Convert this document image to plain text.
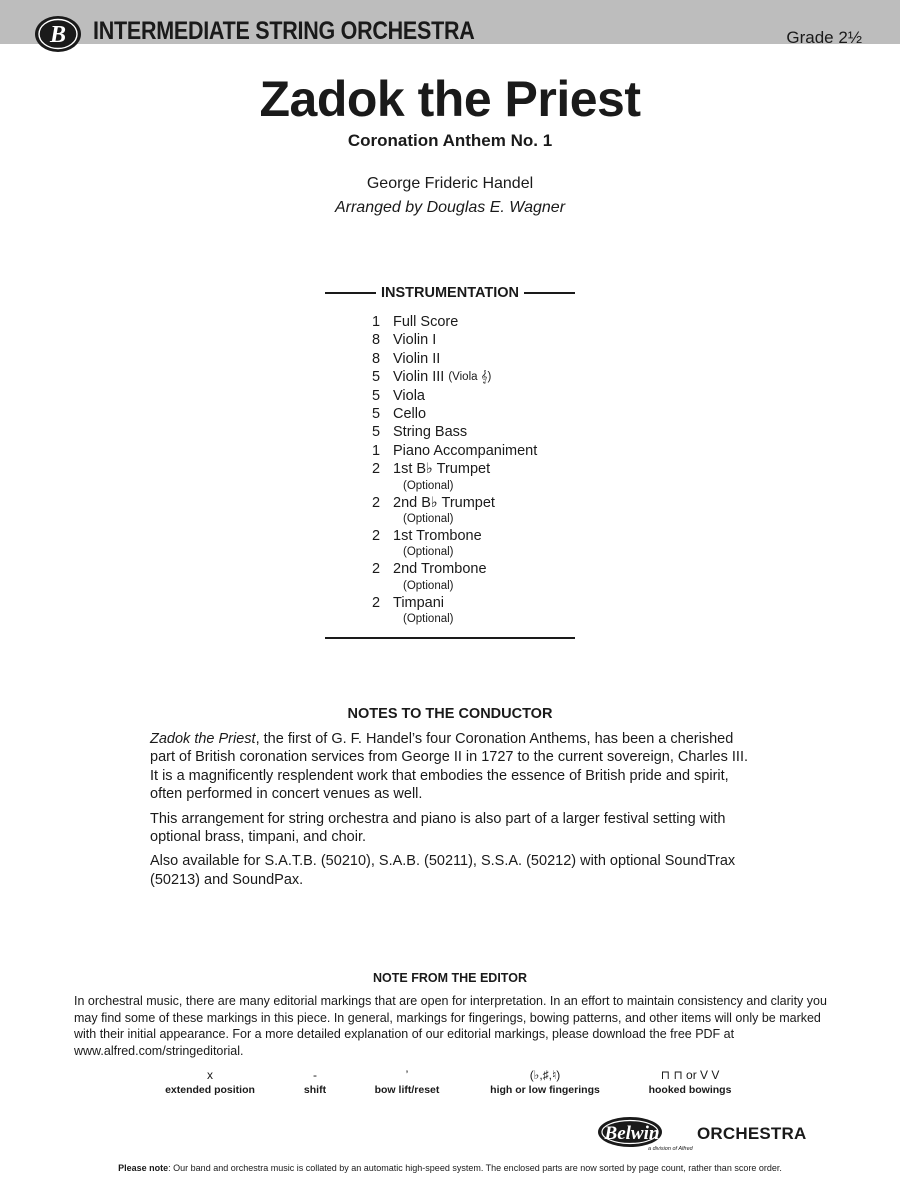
B INTERMEDIATE STRING ORCHESTRA	Grade 2½
Zadok the Priest
Coronation Anthem No. 1
George Frideric Handel
Arranged by Douglas E. Wagner
INSTRUMENTATION
1 Full Score
8 Violin I
8 Violin II
5 Violin III (Viola 𝄞)
5 Viola
5 Cello
5 String Bass
1 Piano Accompaniment
2 1st B♭ Trumpet
(Optional)
2 2nd B♭ Trumpet
(Optional)
2 1st Trombone
(Optional)
2 2nd Trombone
(Optional)
2 Timpani
(Optional)
NOTES TO THE CONDUCTOR

Zadok the Priest, the first of G. F. Handel’s four Coronation Anthems, has been a cherished part of British coronation services from George II in 1727 to the current sovereign, Charles III. It is a magnificently resplendent work that embodies the essence of British pride and spirit, often performed in concert venues as well.

This arrangement for string orchestra and piano is also part of a larger festival setting with optional brass, timpani, and choir.

Also available for S.A.T.B. (50210), S.A.B. (50211), S.S.A. (50212) with optional SoundTrax (50213) and SoundPax.

NOTE FROM THE EDITOR
In orchestral music, there are many editorial markings that are open for interpretation. In an effort to maintain consistency and clarity you may find some of these markings in this piece. In general, markings for fingerings, bowing patterns, and other items will only be marked with their initial appearance. For a more detailed explanation of our editorial markings, please download the free PDF at www.alfred.com/stringeditorial.
x
extended position
-
shift
’
bow lift/reset
(♭,♯,♮)
high or low fingerings
⊓ ⊓ or V V
hooked bowings
Belwin ORCHESTRA
a division of Alfred
Please note: Our band and orchestra music is collated by an automatic high-speed system. The enclosed parts are now sorted by page count, rather than score order.
